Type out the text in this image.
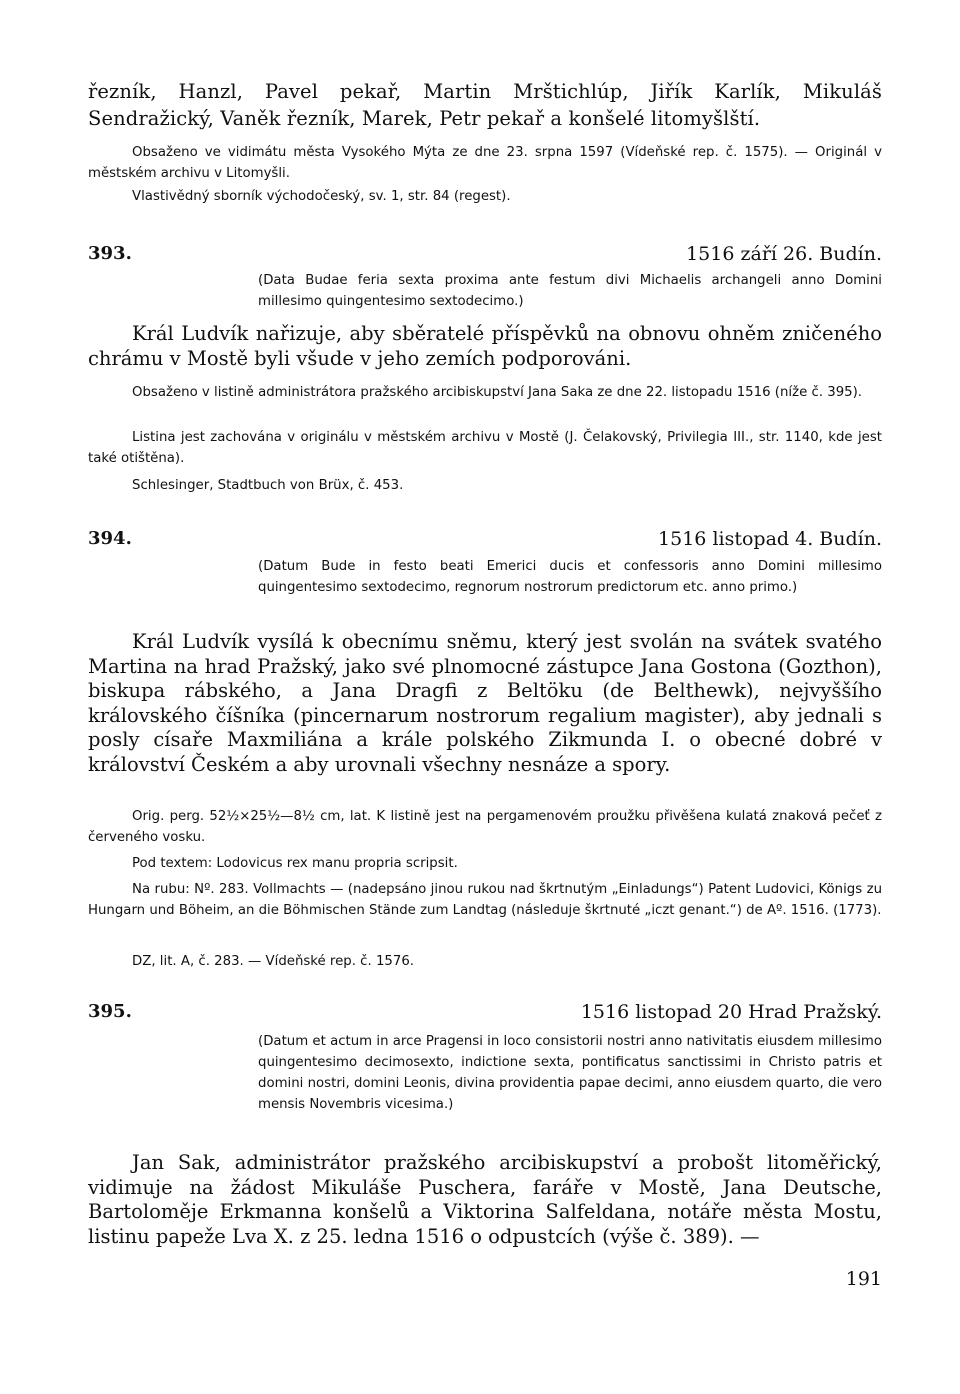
řezník, Hanzl, Pavel pekař, Martin Mrštichlúp, Jiřík Karlík, Mikuláš Sendražický, Vaněk řezník, Marek, Petr pekař a konšelé litomyšlští.

Obsaženo ve vidimátu města Vysokého Mýta ze dne 23. srpna 1597 (Vídeňské rep. č. 1575). — Originál v městském archivu v Litomyšli.

Vlastivědný sborník východočeský, sv. 1, str. 84 (regest).

393.	1516 září 26. Budín.

(Data Budae feria sexta proxima ante festum divi Michaelis archangeli anno Domini millesimo quingentesimo sextodecimo.)

Král Ludvík nařizuje, aby sběratelé příspěvků na obnovu ohněm zničeného chrámu v Mostě byli všude v jeho zemích podporováni.

Obsaženo v listině administrátora pražského arcibiskupství Jana Saka ze dne 22. listopadu 1516 (níže č. 395).

Listina jest zachována v originálu v městském archivu v Mostě (J. Čelakovský, Privilegia III., str. 1140, kde jest také otištěna).

Schlesinger, Stadtbuch von Brüx, č. 453.

394.	1516 listopad 4. Budín.

(Datum Bude in festo beati Emerici ducis et confessoris anno Domini millesimo quingentesimo sextodecimo, regnorum nostrorum predictorum etc. anno primo.)

Král Ludvík vysílá k obecnímu sněmu, který jest svolán na svátek svatého Martina na hrad Pražský, jako své plnomocné zástupce Jana Gostona (Gozthon), biskupa rábského, a Jana Dragfi z Beltöku (de Belthewk), nejvyššího královského číšníka (pincernarum nostrorum regalium magister), aby jednali s posly císaře Maxmiliána a krále polského Zikmunda I. o obecné dobré v království Českém a aby urovnali všechny nesnáze a spory.

Orig. perg. 52½×25½—8½ cm, lat. K listině jest na pergamenovém proužku přivěšena kulatá znaková pečeť z červeného vosku.

Pod textem: Lodovicus rex manu propria scripsit.

Na rubu: Nº. 283. Vollmachts — (nadepsáno jinou rukou nad škrtnutým „Einladungs“) Patent Ludovici, Königs zu Hungarn und Böheim, an die Böhmischen Stände zum Landtag (následuje škrtnuté „iczt genant.“) de Aº. 1516. (1773).

DZ, lit. A, č. 283. — Vídeňské rep. č. 1576.

395.	1516 listopad 20 Hrad Pražský.

(Datum et actum in arce Pragensi in loco consistorii nostri anno nativitatis eiusdem millesimo quingentesimo decimosexto, indictione sexta, pontificatus sanctissimi in Christo patris et domini nostri, domini Leonis, divina providentia papae decimi, anno eiusdem quarto, die vero mensis Novembris vicesima.)

Jan Sak, administrátor pražského arcibiskupství a probošt litoměřický, vidimuje na žádost Mikuláše Puschera, faráře v Mostě, Jana Deutsche, Bartoloměje Erkmanna konšelů a Viktorina Salfeldana, notáře města Mostu, listinu papeže Lva X. z 25. ledna 1516 o odpustcích (výše č. 389). —

191
